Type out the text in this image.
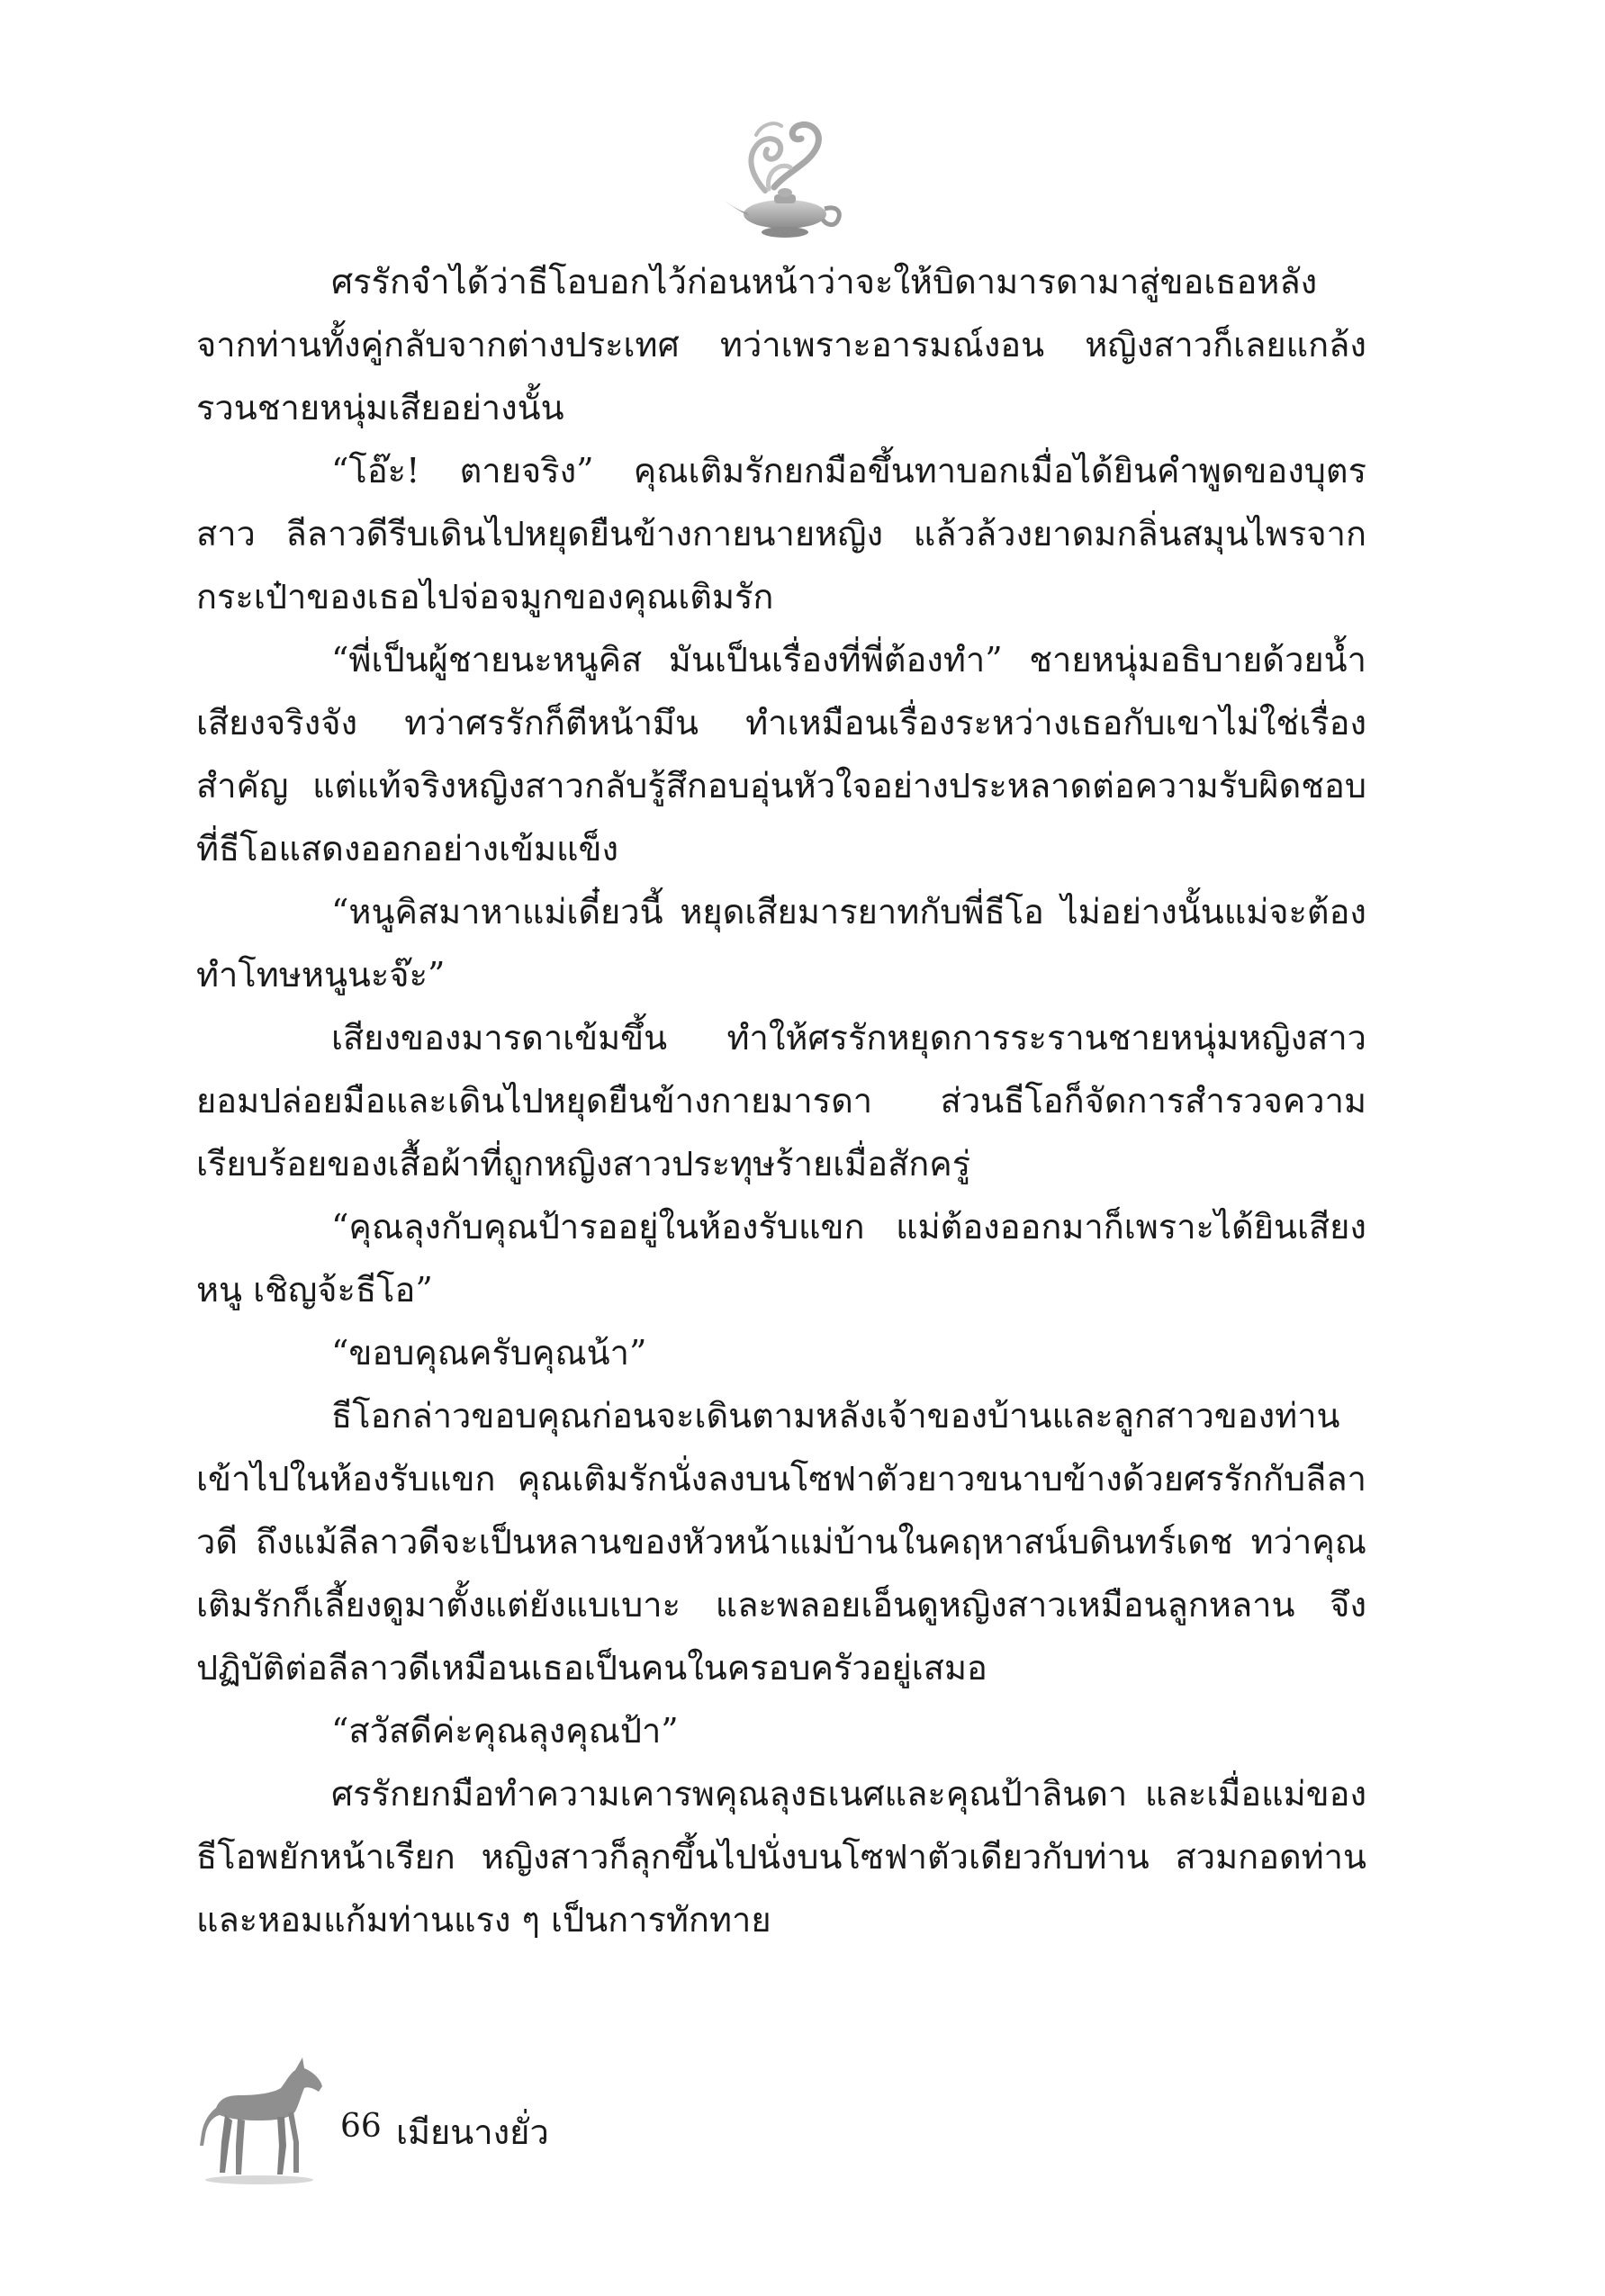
ศรรักจำได้ว่าธีโอบอกไว้ก่อนหน้าว่าจะให้บิดามารดามาสู่ขอเธอหลังจากท่านทั้งคู่กลับจากต่างประเทศ ทว่าเพราะอารมณ์งอน หญิงสาวก็เลยแกล้งรวนชายหนุ่มเสียอย่างนั้น

“โอ๊ะ! ตายจริง” คุณเติมรักยกมือขึ้นทาบอกเมื่อได้ยินคำพูดของบุตรสาว ลีลาวดีรีบเดินไปหยุดยืนข้างกายนายหญิง แล้วล้วงยาดมกลิ่นสมุนไพรจากกระเป๋าของเธอไปจ่อจมูกของคุณเติมรัก

“พี่เป็นผู้ชายนะหนูคิส มันเป็นเรื่องที่พี่ต้องทำ” ชายหนุ่มอธิบายด้วยน้ำเสียงจริงจัง ทว่าศรรักก็ตีหน้ามึน ทำเหมือนเรื่องระหว่างเธอกับเขาไม่ใช่เรื่องสำคัญ แต่แท้จริงหญิงสาวกลับรู้สึกอบอุ่นหัวใจอย่างประหลาดต่อความรับผิดชอบที่ธีโอแสดงออกอย่างเข้มแข็ง

“หนูคิสมาหาแม่เดี๋ยวนี้ หยุดเสียมารยาทกับพี่ธีโอ ไม่อย่างนั้นแม่จะต้องทำโทษหนูนะจ๊ะ”

เสียงของมารดาเข้มขึ้น ทำให้ศรรักหยุดการระรานชายหนุ่มหญิงสาวยอมปล่อยมือและเดินไปหยุดยืนข้างกายมารดา ส่วนธีโอก็จัดการสำรวจความเรียบร้อยของเสื้อผ้าที่ถูกหญิงสาวประทุษร้ายเมื่อสักครู่

“คุณลุงกับคุณป้ารออยู่ในห้องรับแขก แม่ต้องออกมาก็เพราะได้ยินเสียงหนู เชิญจ้ะธีโอ”

“ขอบคุณครับคุณน้า”

ธีโอกล่าวขอบคุณก่อนจะเดินตามหลังเจ้าของบ้านและลูกสาวของท่านเข้าไปในห้องรับแขก คุณเติมรักนั่งลงบนโซฟาตัวยาวขนาบข้างด้วยศรรักกับลีลาวดี ถึงแม้ลีลาวดีจะเป็นหลานของหัวหน้าแม่บ้านในคฤหาสน์บดินทร์เดช ทว่าคุณเติมรักก็เลี้ยงดูมาตั้งแต่ยังแบเบาะ และพลอยเอ็นดูหญิงสาวเหมือนลูกหลาน จึงปฏิบัติต่อลีลาวดีเหมือนเธอเป็นคนในครอบครัวอยู่เสมอ

“สวัสดีค่ะคุณลุงคุณป้า”

ศรรักยกมือทำความเคารพคุณลุงธเนศและคุณป้าลินดา และเมื่อแม่ของธีโอพยักหน้าเรียก หญิงสาวก็ลุกขึ้นไปนั่งบนโซฟาตัวเดียวกับท่าน สวมกอดท่านและหอมแก้มท่านแรง ๆ เป็นการทักทาย

66 เมียนางยั่ว
